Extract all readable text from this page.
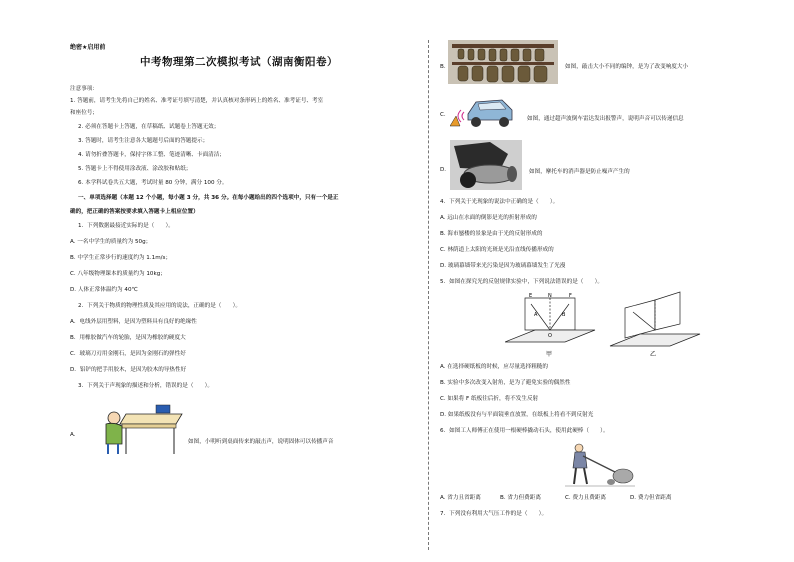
绝密★启用前
中考物理第二次模拟考试（湖南衡阳卷）
注意事项：
1. 答题前，请考生先将自己的姓名、准考证号填写清楚，并认真核对条形码上的姓名、准考证号、考室
和座位号；
2. 必须在答题卡上答题，在草稿纸、试题卷上答题无效；
3. 答题时，请考生注意各大题题号后面的答题提示；
4. 请勿折叠答题卡，保持字体工整、笔迹清晰、卡面清洁；
5. 答题卡上不得使用涂改液、涂改胶和贴纸；
6. 本学科试卷共五大题，考试时量 80 分钟，满分 100 分。
一、单项选择题（本题 12 个小题，每小题 3 分，共 36 分。在每小题给出的四个选项中，只有一个是正
确的，把正确的答案按要求填入答题卡上相应位置）
1．下列数据最接近实际的是（　　）。
A. 一名中学生的质量约为 50g；
B. 中学生正常步行的速度约为 1.1m/s；
C. 八年级物理课本的质量约为 10kg；
D. 人体正常体温约为 40℃
2．下列关于物质的物理性质及其应用的说法，正确的是（　　）。
A．电线外层用塑料，是因为塑料具有良好的绝缘性
B．用橡胶做汽车的轮胎，是因为橡胶的硬度大
C．玻璃刀刃用金刚石，是因为金刚石的弹性好
D．铝铲的把手用胶木，是因为胶木的导热性好
3．下列关于声现象的描述和分析，错误的是（　　）。
A.
如图，小明听到桌面传来的敲击声，说明固体可以传播声音
B.	如图，敲击大小不同的编钟，是为了改变响度大小
C.
如图，通过超声波倒车雷达发出报警声，说明声音可以传递信息
D.	如图，摩托车的消声器是防止噪声产生的
4．下列关于光现象的说法中正确的是（　　）。
A. 远山在水面的倒影是光的折射形成的
B. 海市蜃楼的景象是由于光的反射形成的
C. 林荫道上太阳的光斑是光沿直线传播形成的
D. 玻璃幕墙带来光污染是因为玻璃幕墙发生了光漫
5．如图在探究光的反射规律实验中，下列说法错误的是（　　）。
E	N	F
A	B
O
甲	乙
A. 在选择硬纸板的时候，应尽量选择粗糙的
B. 实验中多次改变入射角，是为了避免实验的偶然性
C. 如果将 F 纸板往后折，将不发生反射
D. 如果纸板没有与平面镜垂直放置，在纸板上将看不到反射光
6．如图工人师傅正在使用一根硬棒撬动石头，使用此硬棒（　　）。
A. 省力且省距离	B. 省力但费距离	C. 费力且费距离	D. 费力但省距离
7．下列没有利用大气压工作的是（　　）。
